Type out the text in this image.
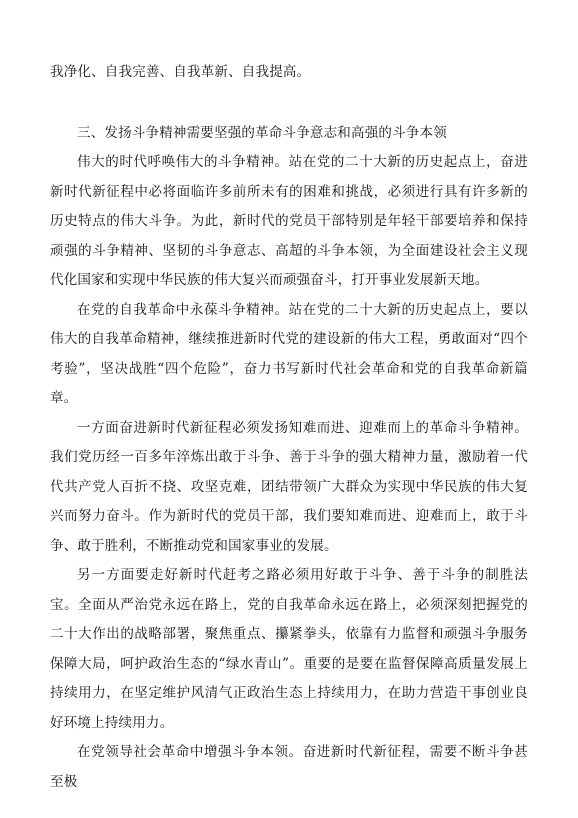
我净化、自我完善、自我革新、自我提高。

三、发扬斗争精神需要坚强的革命斗争意志和高强的斗争本领

伟大的时代呼唤伟大的斗争精神。站在党的二十大新的历史起点上，奋进新时代新征程中必将面临许多前所未有的困难和挑战，必须进行具有许多新的历史特点的伟大斗争。为此，新时代的党员干部特别是年轻干部要培养和保持顽强的斗争精神、坚韧的斗争意志、高超的斗争本领，为全面建设社会主义现代化国家和实现中华民族的伟大复兴而顽强奋斗，打开事业发展新天地。

在党的自我革命中永葆斗争精神。站在党的二十大新的历史起点上，要以伟大的自我革命精神，继续推进新时代党的建设新的伟大工程，勇敢面对“四个考验”，坚决战胜“四个危险”，奋力书写新时代社会革命和党的自我革命新篇章。

一方面奋进新时代新征程必须发扬知难而进、迎难而上的革命斗争精神。我们党历经一百多年淬炼出敢于斗争、善于斗争的强大精神力量，激励着一代代共产党人百折不挠、攻坚克难，团结带领广大群众为实现中华民族的伟大复兴而努力奋斗。作为新时代的党员干部，我们要知难而进、迎难而上，敢于斗争、敢于胜利，不断推动党和国家事业的发展。

另一方面要走好新时代赶考之路必须用好敢于斗争、善于斗争的制胜法宝。全面从严治党永远在路上，党的自我革命永远在路上，必须深刻把握党的二十大作出的战略部署，聚焦重点、攥紧拳头，依靠有力监督和顽强斗争服务保障大局，呵护政治生态的“绿水青山”。重要的是要在监督保障高质量发展上持续用力，在坚定维护风清气正政治生态上持续用力，在助力营造干事创业良好环境上持续用力。

在党领导社会革命中增强斗争本领。奋进新时代新征程，需要不断斗争甚至极
